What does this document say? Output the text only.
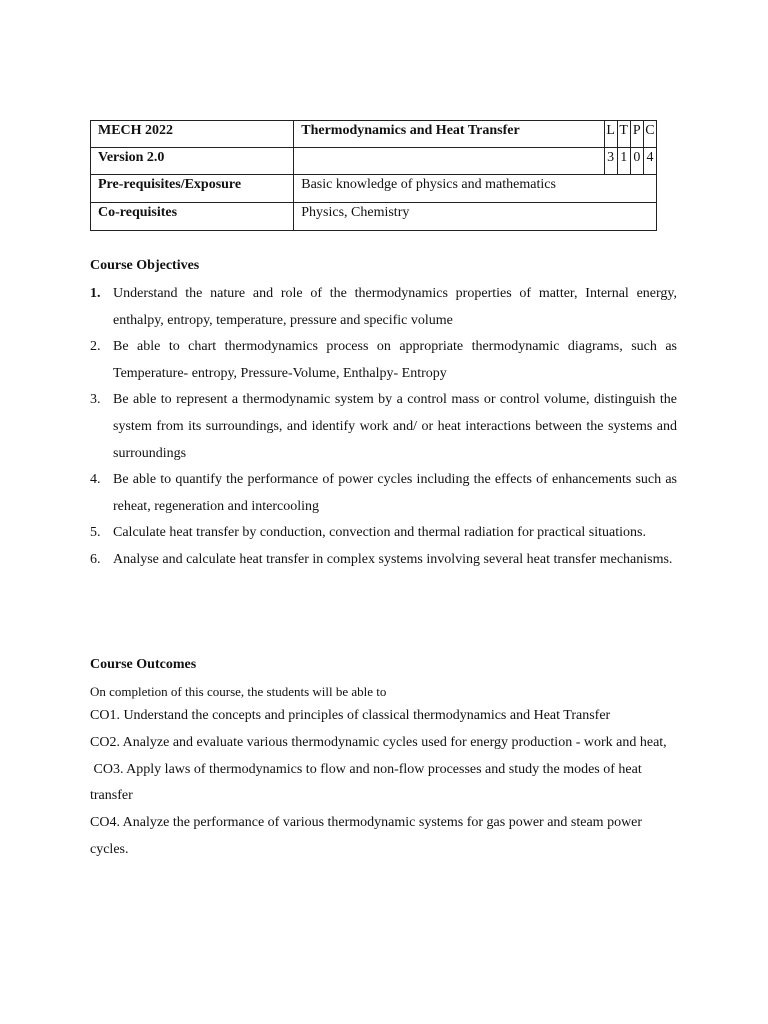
MECH 2022	Thermodynamics and Heat Transfer	L	T	P	C
Version 2.0		3	1	0	4
Pre-requisites/Exposure	Basic knowledge of physics and mathematics				
Co-requisites	Physics, Chemistry				
Course Objectives
1. Understand the nature and role of the thermodynamics properties of matter, Internal energy, enthalpy, entropy, temperature, pressure and specific volume
2. Be able to chart thermodynamics process on appropriate thermodynamic diagrams, such as Temperature- entropy, Pressure-Volume, Enthalpy- Entropy
3. Be able to represent a thermodynamic system by a control mass or control volume, distinguish the system from its surroundings, and identify work and/ or heat interactions between the systems and surroundings
4. Be able to quantify the performance of power cycles including the effects of enhancements such as reheat, regeneration and intercooling
5. Calculate heat transfer by conduction, convection and thermal radiation for practical situations.
6. Analyse and calculate heat transfer in complex systems involving several heat transfer mechanisms.
Course Outcomes

On completion of this course, the students will be able to

CO1. Understand the concepts and principles of classical thermodynamics and Heat Transfer

CO2. Analyze and evaluate various thermodynamic cycles used for energy production - work and heat,

CO3. Apply laws of thermodynamics to flow and non-flow processes and study the modes of heat transfer

CO4. Analyze the performance of various thermodynamic systems for gas power and steam power cycles.
